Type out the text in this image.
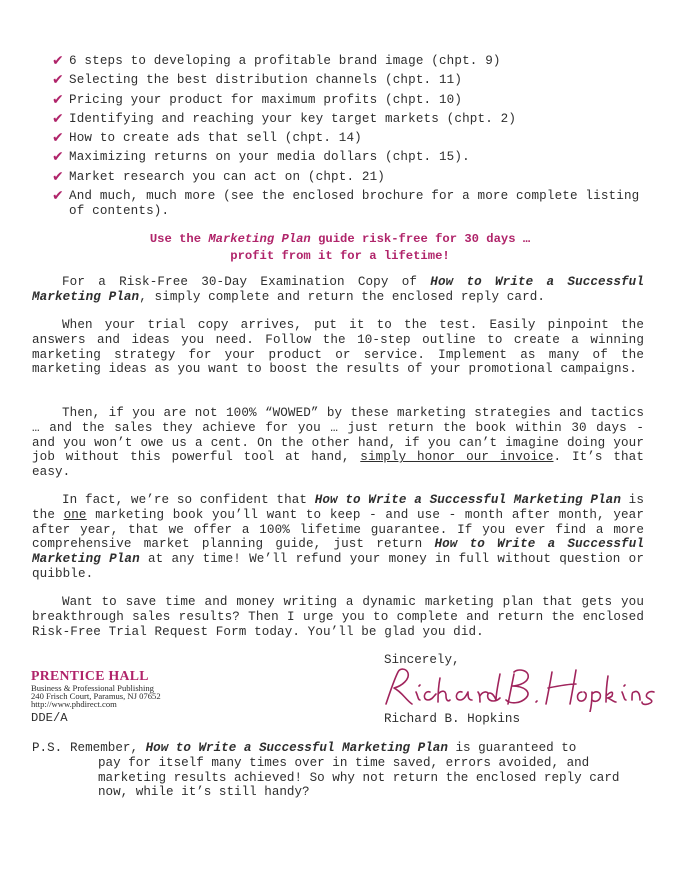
✔ 6 steps to developing a profitable brand image (chpt. 9)
✔ Selecting the best distribution channels (chpt. 11)
✔ Pricing your product for maximum profits (chpt. 10)
✔ Identifying and reaching your key target markets (chpt. 2)
✔ How to create ads that sell (chpt. 14)
✔ Maximizing returns on your media dollars (chpt. 15).
✔ Market research you can act on (chpt. 21)
✔ And much, much more (see the enclosed brochure for a more complete listing of contents).
Use the Marketing Plan guide risk-free for 30 days …
profit from it for a lifetime!
For a Risk-Free 30-Day Examination Copy of How to Write a Successful Marketing Plan, simply complete and return the enclosed reply card.
When your trial copy arrives, put it to the test. Easily pinpoint the answers and ideas you need. Follow the 10-step outline to create a winning marketing strategy for your product or service. Implement as many of the marketing ideas as you want to boost the results of your promotional campaigns.
Then, if you are not 100% “WOWED” by these marketing strategies and tactics … and the sales they achieve for you … just return the book within 30 days - and you won’t owe us a cent. On the other hand, if you can’t imagine doing your job without this powerful tool at hand, simply honor our invoice. It’s that easy.
In fact, we’re so confident that How to Write a Successful Marketing Plan is the one marketing book you’ll want to keep - and use - month after month, year after year, that we offer a 100% lifetime guarantee. If you ever find a more comprehensive market planning guide, just return How to Write a Successful Marketing Plan at any time! We’ll refund your money in full without question or quibble.
Want to save time and money writing a dynamic marketing plan that gets you breakthrough sales results? Then I urge you to complete and return the enclosed Risk-Free Trial Request Form today. You’ll be glad you did.
Sincerely,
Richard B. Hopkins
PRENTICE HALL
Business & Professional Publishing
240 Frisch Court, Paramus, NJ 07652
http://www.phdirect.com
DDE/A
P.S. Remember, How to Write a Successful Marketing Plan is guaranteed to
pay for itself many times over in time saved, errors avoided, and marketing results achieved! So why not return the enclosed reply card now, while it’s still handy?
